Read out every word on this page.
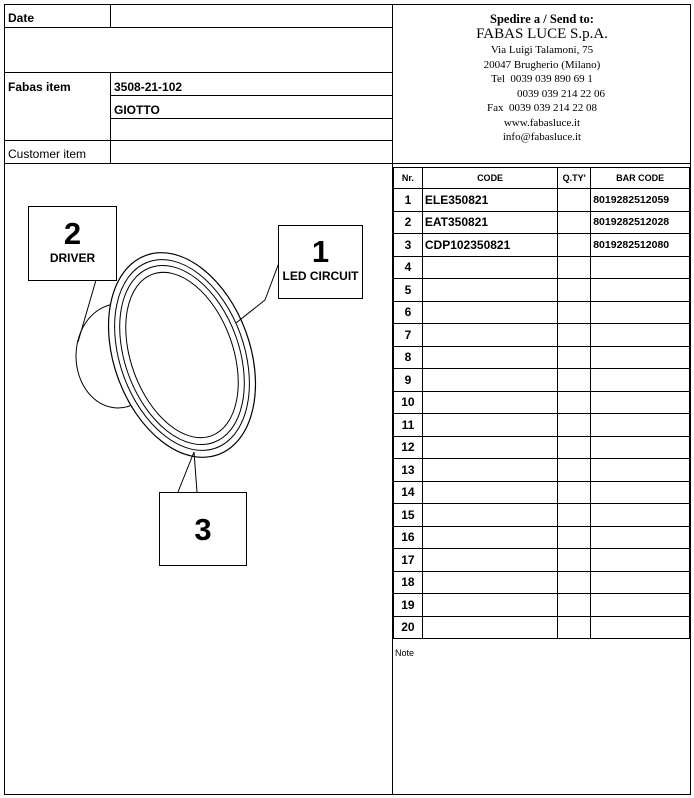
Date
Fabas item	3508-21-102
GIOTTO
Customer item
Spedire a / Send to:
FABAS LUCE S.p.A.
Via Luigi Talamoni, 75
20047 Brugherio (Milano)
Tel  0039 039 890 69 1
0039 039 214 22 06
Fax  0039 039 214 22 08
www.fabasluce.it
info@fabasluce.it
Nr.	CODE	Q.TY'	BAR CODE
1	ELE350821		8019282512059
2	EAT350821		8019282512028
3	CDP102350821		8019282512080
4			
5			
6			
7			
8			
9			
10			
11			
12			
13			
14			
15			
16			
17			
18			
19			
20			
Note
2
DRIVER	1
LED CIRCUIT
3
